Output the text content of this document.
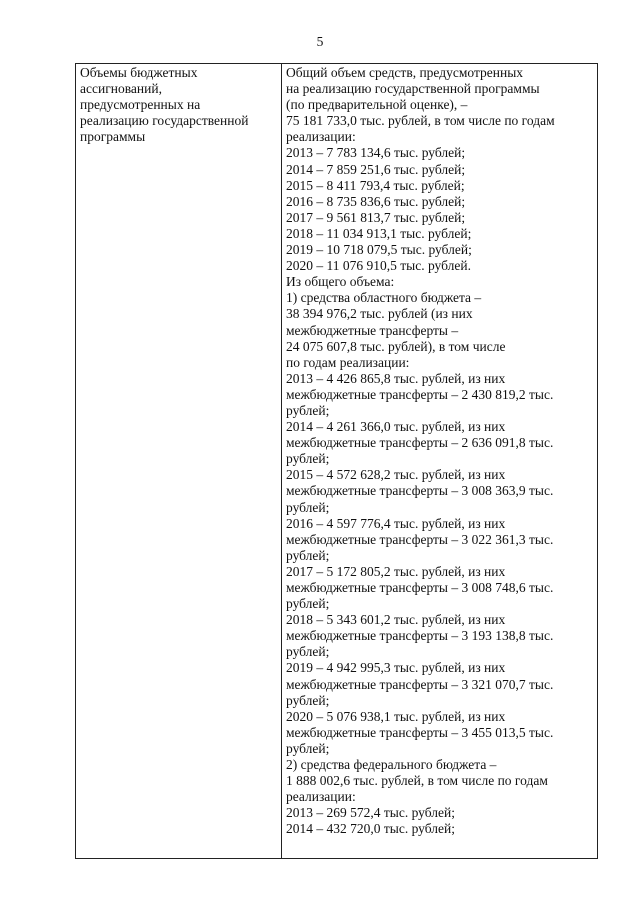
5
Объемы бюджетных
ассигнований,
предусмотренных на
реализацию государственной
программы

Общий объем средств, предусмотренных
на реализацию государственной программы
(по предварительной оценке), –
75 181 733,0 тыс. рублей, в том числе по годам
реализации:
2013 – 7 783 134,6 тыс. рублей;
2014 – 7 859 251,6 тыс. рублей;
2015 – 8 411 793,4 тыс. рублей;
2016 – 8 735 836,6 тыс. рублей;
2017 – 9 561 813,7 тыс. рублей;
2018 – 11 034 913,1 тыс. рублей;
2019 – 10 718 079,5 тыс. рублей;
2020 – 11 076 910,5 тыс. рублей.
Из общего объема:
1) средства областного бюджета –
38 394 976,2 тыс. рублей (из них
межбюджетные трансферты –
24 075 607,8 тыс. рублей), в том числе
по годам реализации:
2013 – 4 426 865,8 тыс. рублей, из них
межбюджетные трансферты – 2 430 819,2 тыс.
рублей;
2014 – 4 261 366,0 тыс. рублей, из них
межбюджетные трансферты – 2 636 091,8 тыс.
рублей;
2015 – 4 572 628,2 тыс. рублей, из них
межбюджетные трансферты – 3 008 363,9 тыс.
рублей;
2016 – 4 597 776,4 тыс. рублей, из них
межбюджетные трансферты – 3 022 361,3 тыс.
рублей;
2017 – 5 172 805,2 тыс. рублей, из них
межбюджетные трансферты – 3 008 748,6 тыс.
рублей;
2018 – 5 343 601,2 тыс. рублей, из них
межбюджетные трансферты – 3 193 138,8 тыс.
рублей;
2019 – 4 942 995,3 тыс. рублей, из них
межбюджетные трансферты – 3 321 070,7 тыс.
рублей;
2020 – 5 076 938,1 тыс. рублей, из них
межбюджетные трансферты – 3 455 013,5 тыс.
рублей;
2) средства федерального бюджета –
1 888 002,6 тыс. рублей, в том числе по годам
реализации:
2013 – 269 572,4 тыс. рублей;
2014 – 432 720,0 тыс. рублей;
